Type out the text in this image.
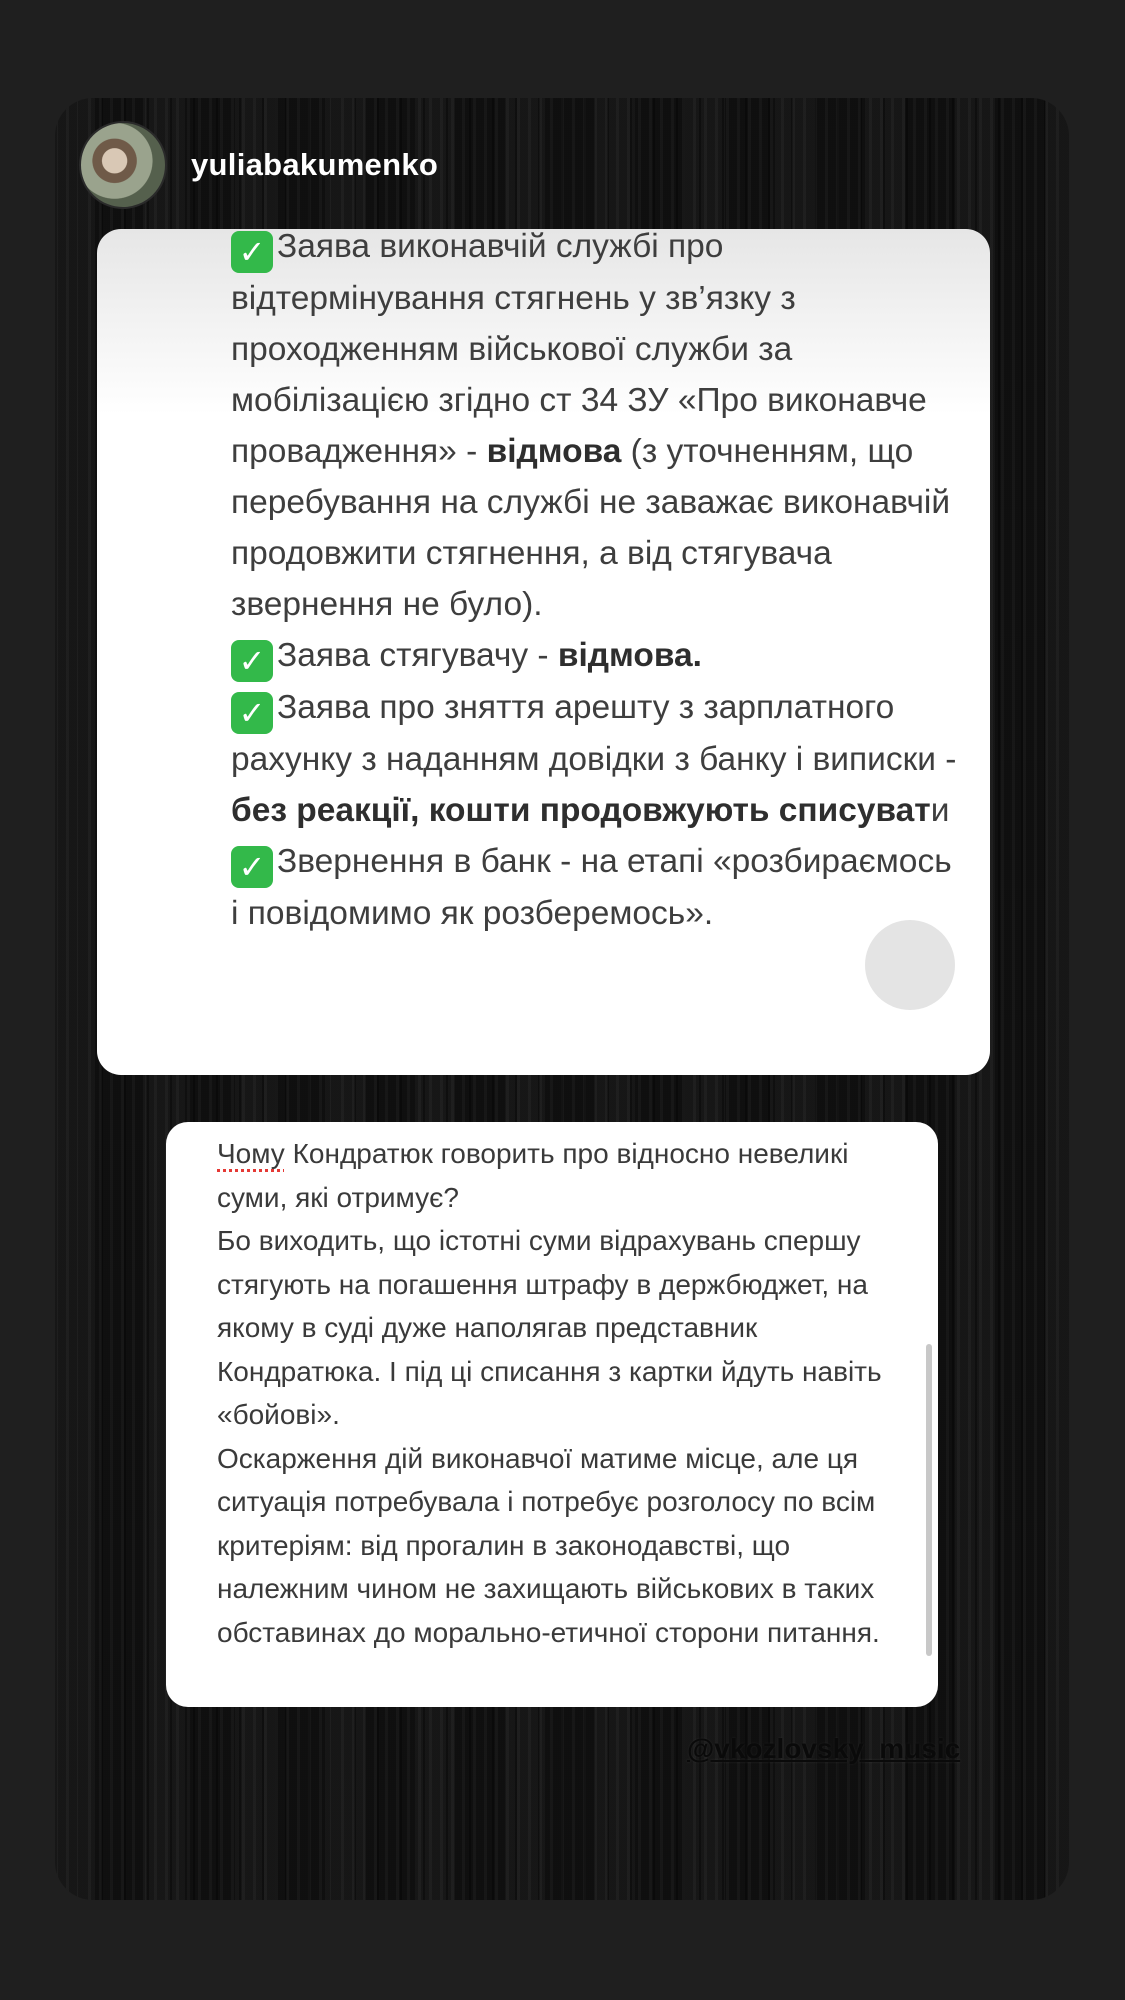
yuliabakumenko

✓ Заява виконавчій службі про відтермінування стягнень у зв’язку з проходженням військової служби за мобілізацією згідно ст 34 ЗУ «Про виконавче провадження» - відмова (з уточненням, що перебування на службі не заважає виконавчій продовжити стягнення, а від стягувача звернення не було).

✓ Заява стягувачу - відмова.

✓ Заява про зняття арешту з зарплатного рахунку з наданням довідки з банку і виписки - без реакції, кошти продовжують списувати

✓ Звернення в банк - на етапі «розбираємось і повідомимо як розберемось».

Чому Кондратюк говорить про відносно невеликі суми, які отримує?

Бо виходить, що істотні суми відрахувань спершу стягують на погашення штрафу в держбюджет, на якому в суді дуже наполягав представник Кондратюка. І під ці списання з картки йдуть навіть «бойові».

Оскарження дій виконавчої матиме місце, але ця ситуація потребувала і потребує розголосу по всім критеріям: від прогалин в законодавстві, що належним чином не захищають військових в таких обставинах до морально-етичної сторони питання.

@vkozlovsky_music
